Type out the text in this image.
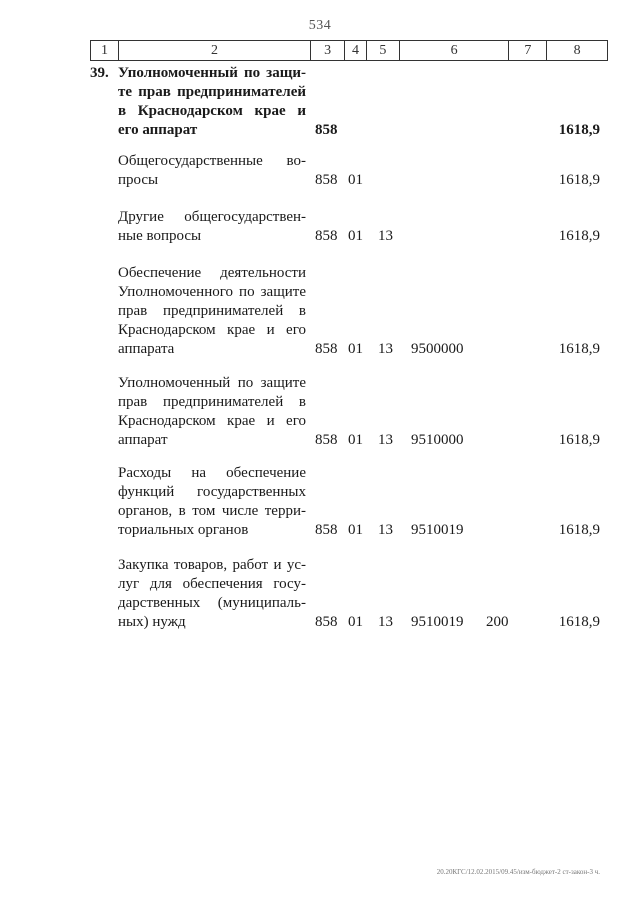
534
1	2	3	4	5	6	7	8
39. Уполномоченный по защи-
те прав предпринимателей
в Краснодарском крае и
его аппарат	858	1618,9
Общегосударственные во-
просы	858 01	1618,9
Другие общегосударствен-
ные вопросы	858 01 13	1618,9
Обеспечение деятельности
Уполномоченного по защите
прав предпринимателей в
Краснодарском крае и его
аппарата	858 01 13 9500000	1618,9
Уполномоченный по защите
прав предпринимателей в
Краснодарском крае и его
аппарат	858 01 13 9510000	1618,9
Расходы на обеспечение
функций государственных
органов, в том числе терри-
ториальных органов	858 01 13 9510019	1618,9
Закупка товаров, работ и ус-
луг для обеспечения госу-
дарственных (муниципаль-
ных) нужд	858 01 13 9510019 200	1618,9
20.20КГС/12.02.2015/09.45/изм-бюджет-2 ст-закон-3 ч.
